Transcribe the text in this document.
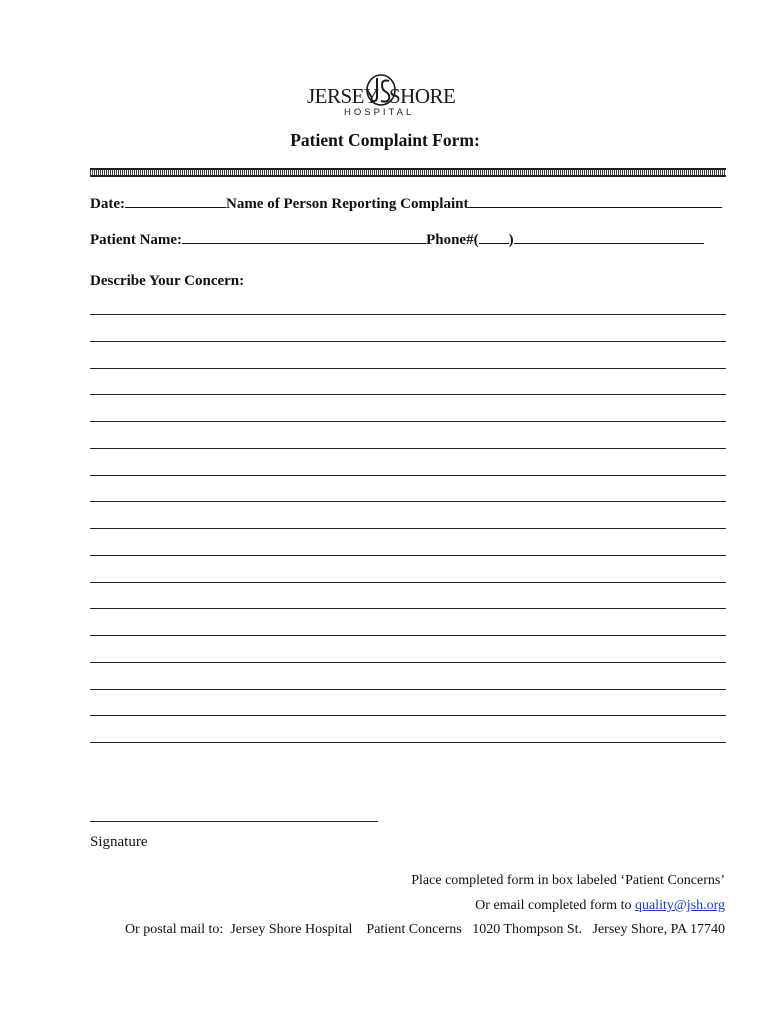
JERSEY SHORE
HOSPITAL
Patient Complaint Form:
Date:	Name of Person Reporting Complaint
Patient Name:	Phone#( )
Describe Your Concern:
Signature
Place completed form in box labeled ‘Patient Concerns’
Or email completed form to quality@jsh.org
Or postal mail to: Jersey Shore Hospital Patient Concerns 1020 Thompson St. Jersey Shore, PA 17740
